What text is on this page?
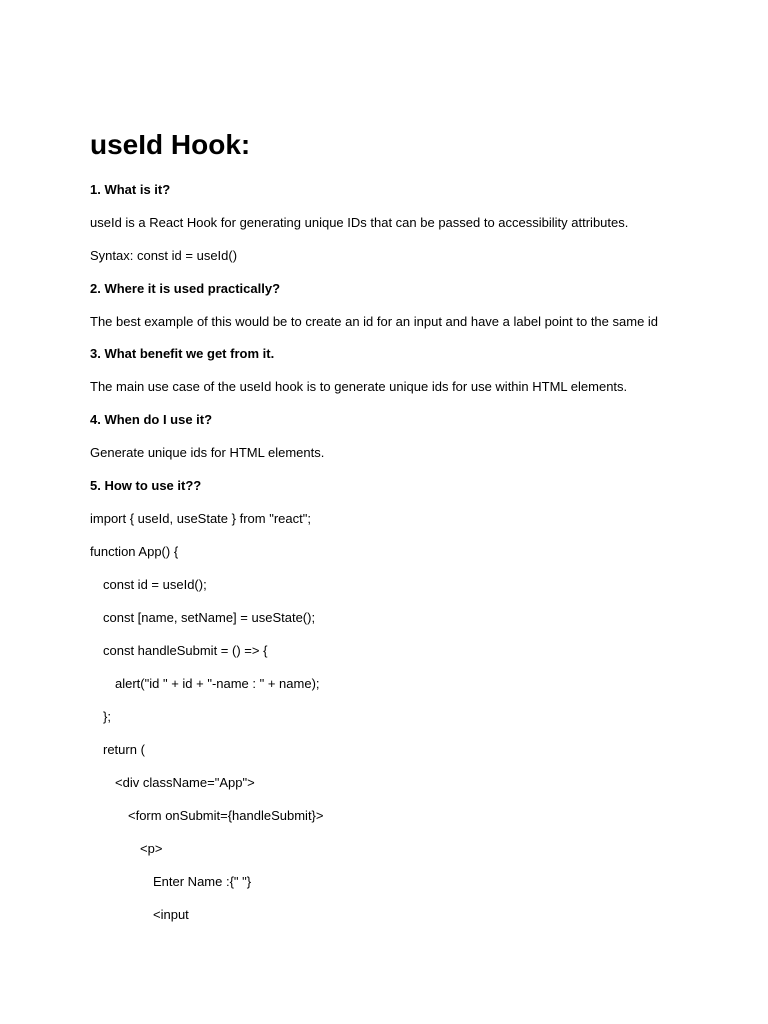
useId Hook:

1. What is it?

useId is a React Hook for generating unique IDs that can be passed to accessibility attributes.

Syntax: const id = useId()

2. Where it is used practically?

The best example of this would be to create an id for an input and have a label point to the same id

3. What benefit we get from it.

The main use case of the useId hook is to generate unique ids for use within HTML elements.

4. When do I use it?

Generate unique ids for HTML elements.

5. How to use it??

import { useId, useState } from "react";

function App() {

const id = useId();

const [name, setName] = useState();

const handleSubmit = () => {

alert("id " + id + "-name : " + name);

};

return (

<div className="App">

<form onSubmit={handleSubmit}>

<p>

Enter Name :{" "}

<input
